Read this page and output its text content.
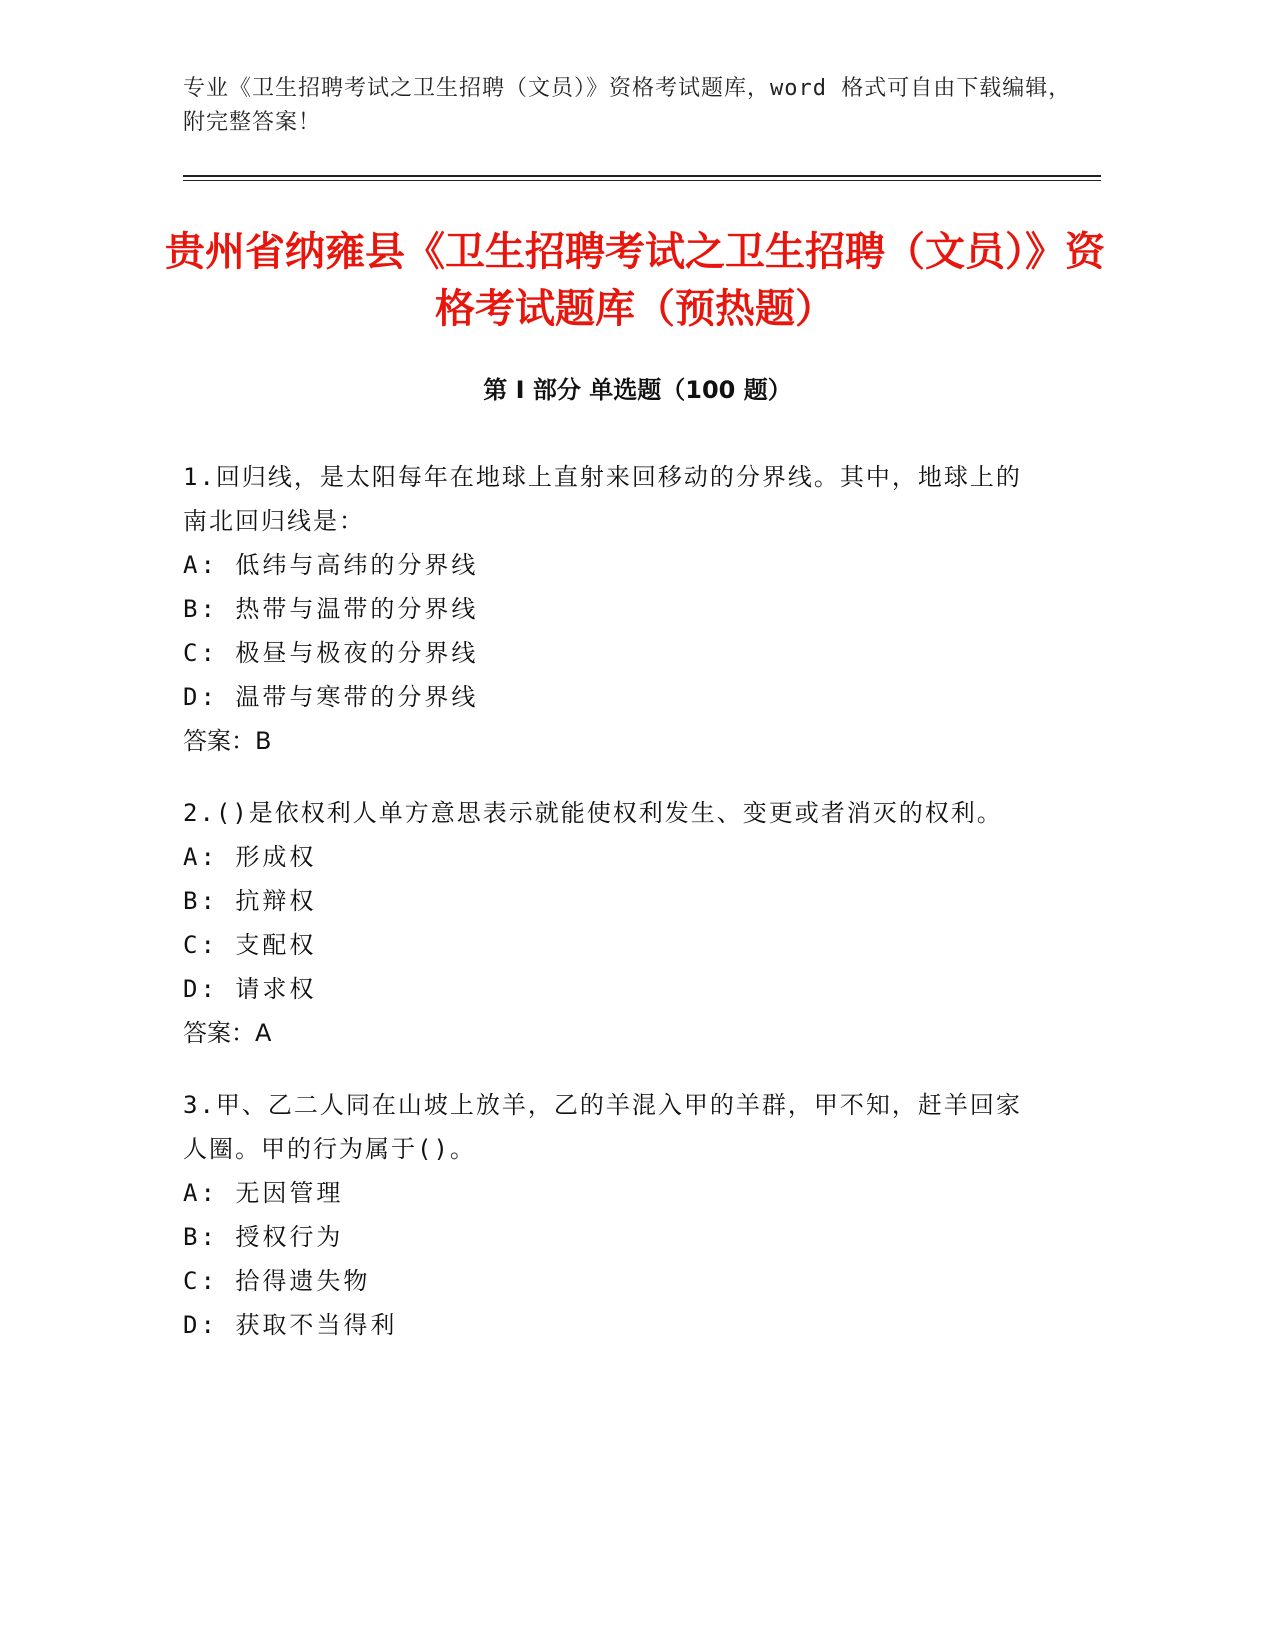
专业《卫生招聘考试之卫生招聘（文员）》资格考试题库，word 格式可自由下载编辑，附完整答案！
贵州省纳雍县《卫生招聘考试之卫生招聘（文员）》资格考试题库（预热题）
第 I 部分 单选题（100 题）

1.回归线，是太阳每年在地球上直射来回移动的分界线。其中，地球上的南北回归线是：

A: 低纬与高纬的分界线

B: 热带与温带的分界线

C: 极昼与极夜的分界线

D: 温带与寒带的分界线

答案：B

2.()是依权利人单方意思表示就能使权利发生、变更或者消灭的权利。

A: 形成权

B: 抗辩权

C: 支配权

D: 请求权

答案：A

3.甲、乙二人同在山坡上放羊，乙的羊混入甲的羊群，甲不知，赶羊回家人圈。甲的行为属于()。

A: 无因管理

B: 授权行为

C: 拾得遗失物

D: 获取不当得利
